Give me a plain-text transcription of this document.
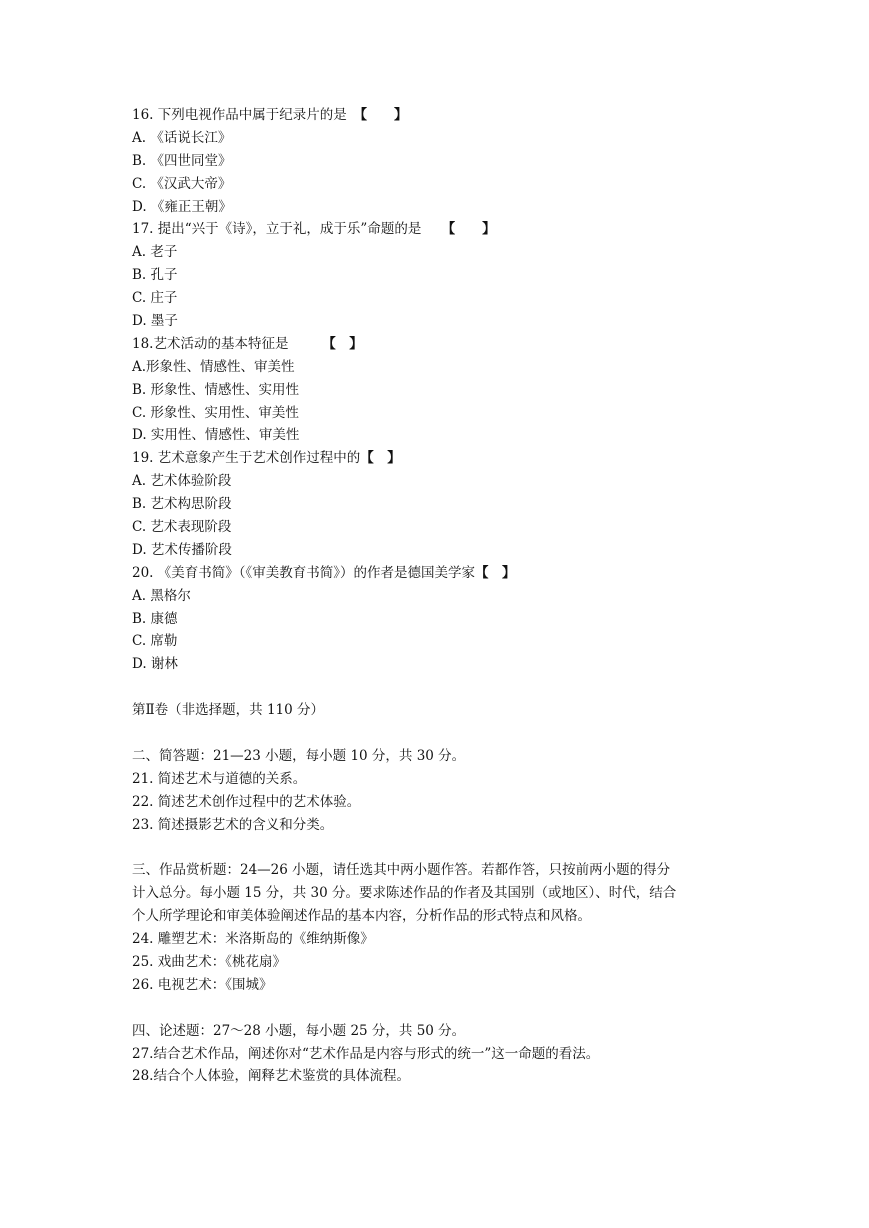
16. 下列电视作品中属于纪录片的是　 【　　】
A. 《话说长江》
B. 《四世同堂》
C. 《汉武大帝》
D. 《雍正王朝》
17. 提出“兴于《诗》，立于礼，成于乐”命题的是　　 【　　】
A. 老子
B. 孔子
C. 庄子
D. 墨子
18.艺术活动的基本特征是　　　	【　】
A.形象性、情感性、审美性
B. 形象性、情感性、实用性
C. 形象性、实用性、审美性
D. 实用性、情感性、审美性
19. 艺术意象产生于艺术创作过程中的【　】
A. 艺术体验阶段
B. 艺术构思阶段
C. 艺术表现阶段
D. 艺术传播阶段
20. 《美育书简》（《审美教育书简》）的作者是德国美学家【　】
A. 黑格尔
B. 康德
C. 席勒
D. 谢林
第Ⅱ卷（非选择题，共 110 分）
二、简答题：21—23 小题，每小题 10 分，共 30 分。
21. 简述艺术与道德的关系。
22. 简述艺术创作过程中的艺术体验。
23. 简述摄影艺术的含义和分类。
三、作品赏析题：24—26 小题，请任选其中两小题作答。若都作答，只按前两小题的得分
计入总分。每小题 15 分，共 30 分。要求陈述作品的作者及其国别（或地区）、时代，结合
个人所学理论和审美体验阐述作品的基本内容，分析作品的形式特点和风格。
24. 雕塑艺术：米洛斯岛的《维纳斯像》
25. 戏曲艺术：《桃花扇》
26. 电视艺术：《围城》
四、论述题：27～28 小题，每小题 25 分，共 50 分。
27.结合艺术作品，阐述你对“艺术作品是内容与形式的统一”这一命题的看法。
28.结合个人体验，阐释艺术鉴赏的具体流程。
